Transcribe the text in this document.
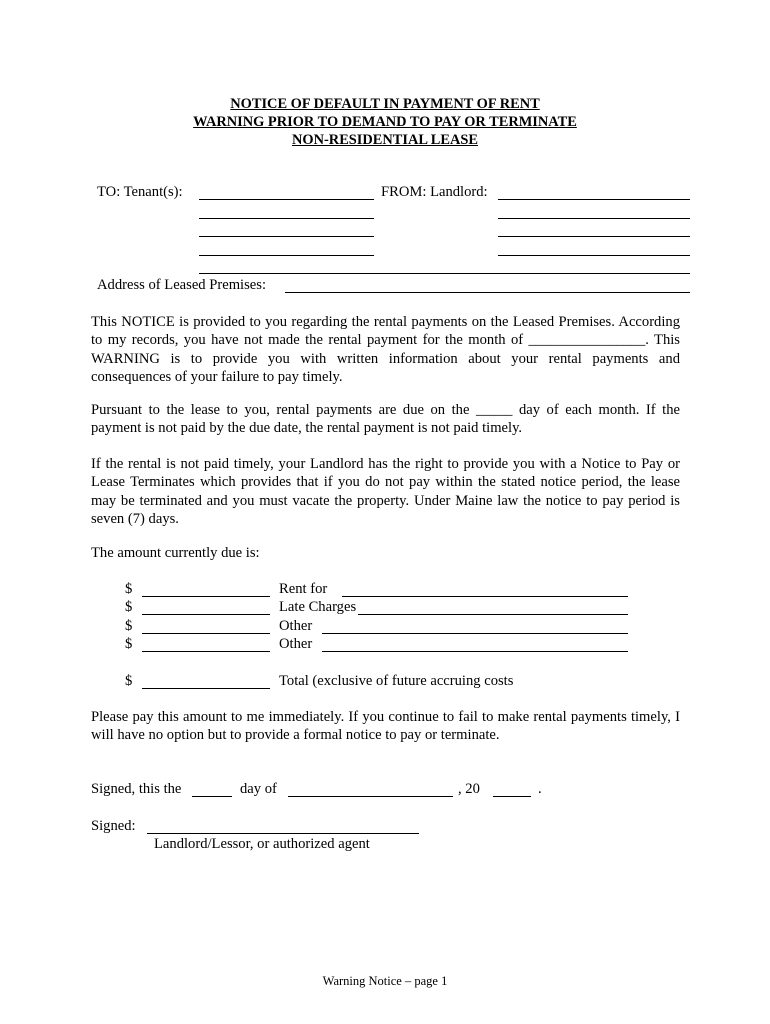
NOTICE OF DEFAULT IN PAYMENT OF RENT
WARNING PRIOR TO DEMAND TO PAY OR TERMINATE
NON-RESIDENTIAL LEASE
TO: Tenant(s):	FROM: Landlord:
Address of Leased Premises:
This NOTICE is provided to you regarding the rental payments on the Leased Premises. According to my records, you have not made the rental payment for the month of ________________. This WARNING is to provide you with written information about your rental payments and consequences of your failure to pay timely.
Pursuant to the lease to you, rental payments are due on the _____ day of each month. If the payment is not paid by the due date, the rental payment is not paid timely.
If the rental is not paid timely, your Landlord has the right to provide you with a Notice to Pay or Lease Terminates which provides that if you do not pay within the stated notice period, the lease may be terminated and you must vacate the property. Under Maine law the notice to pay period is seven (7) days.
The amount currently due is:
$	Rent for
$	Late Charges
$	Other
$	Other
$	Total (exclusive of future accruing costs
Please pay this amount to me immediately. If you continue to fail to make rental payments timely, I will have no option but to provide a formal notice to pay or terminate.
Signed, this the	day of	, 20	.
Signed:
Landlord/Lessor, or authorized agent
Warning Notice – page 1
